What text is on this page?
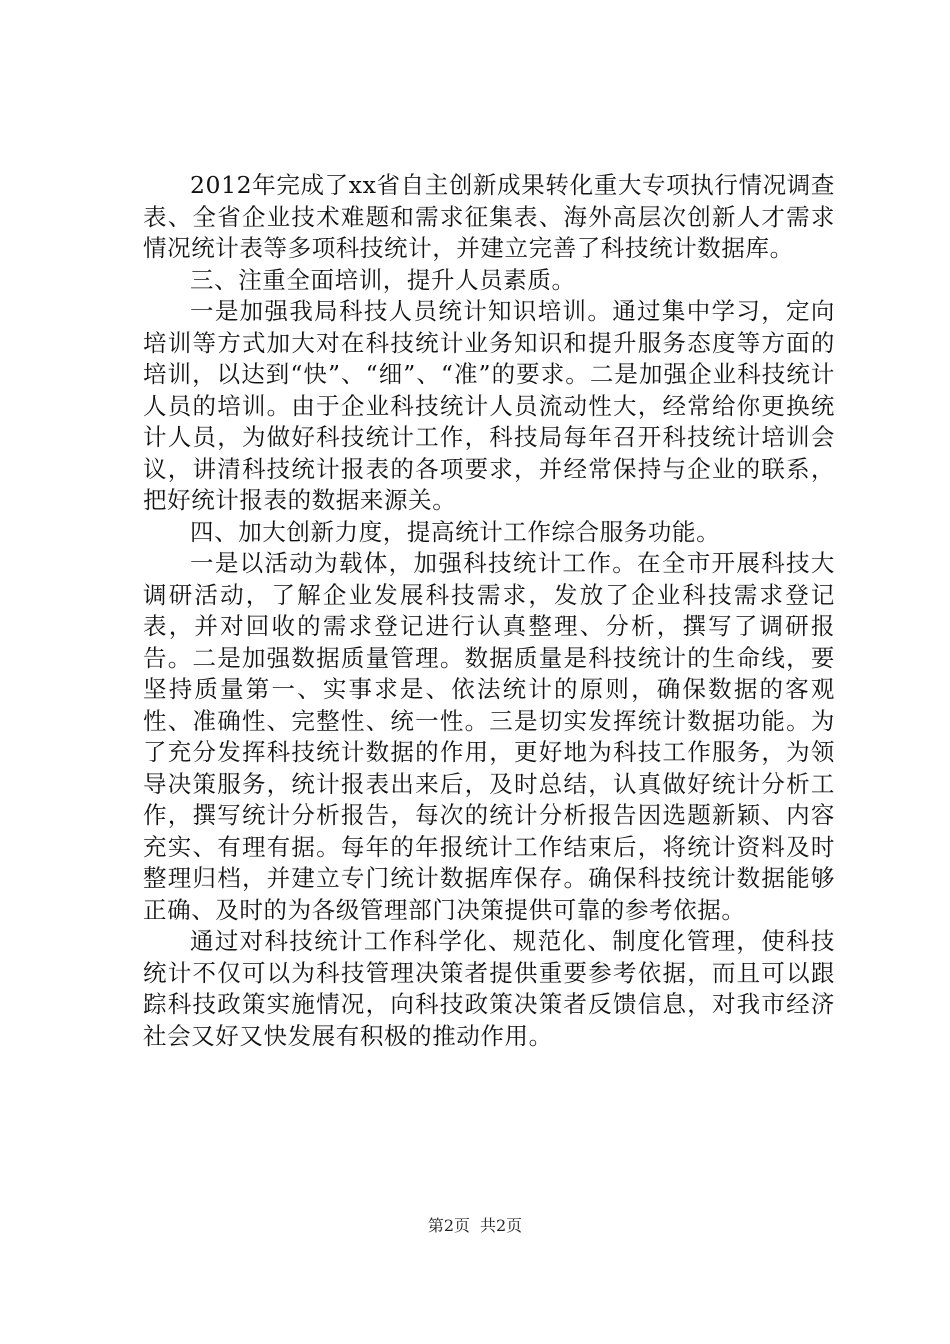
2012年完成了xx省自主创新成果转化重大专项执行情况调查表、全省企业技术难题和需求征集表、海外高层次创新人才需求情况统计表等多项科技统计，并建立完善了科技统计数据库。

三、注重全面培训，提升人员素质。

一是加强我局科技人员统计知识培训。通过集中学习，定向培训等方式加大对在科技统计业务知识和提升服务态度等方面的培训，以达到“快”、“细”、“准”的要求。二是加强企业科技统计人员的培训。由于企业科技统计人员流动性大，经常给你更换统计人员，为做好科技统计工作，科技局每年召开科技统计培训会议，讲清科技统计报表的各项要求，并经常保持与企业的联系，把好统计报表的数据来源关。

四、加大创新力度，提高统计工作综合服务功能。

一是以活动为载体，加强科技统计工作。在全市开展科技大调研活动，了解企业发展科技需求，发放了企业科技需求登记表，并对回收的需求登记进行认真整理、分析，撰写了调研报告。二是加强数据质量管理。数据质量是科技统计的生命线，要坚持质量第一、实事求是、依法统计的原则，确保数据的客观性、准确性、完整性、统一性。三是切实发挥统计数据功能。为了充分发挥科技统计数据的作用，更好地为科技工作服务，为领导决策服务，统计报表出来后，及时总结，认真做好统计分析工作，撰写统计分析报告，每次的统计分析报告因选题新颖、内容充实、有理有据。每年的年报统计工作结束后，将统计资料及时整理归档，并建立专门统计数据库保存。确保科技统计数据能够正确、及时的为各级管理部门决策提供可靠的参考依据。

通过对科技统计工作科学化、规范化、制度化管理，使科技统计不仅可以为科技管理决策者提供重要参考依据，而且可以跟踪科技政策实施情况，向科技政策决策者反馈信息，对我市经济社会又好又快发展有积极的推动作用。

第2页 共2页
